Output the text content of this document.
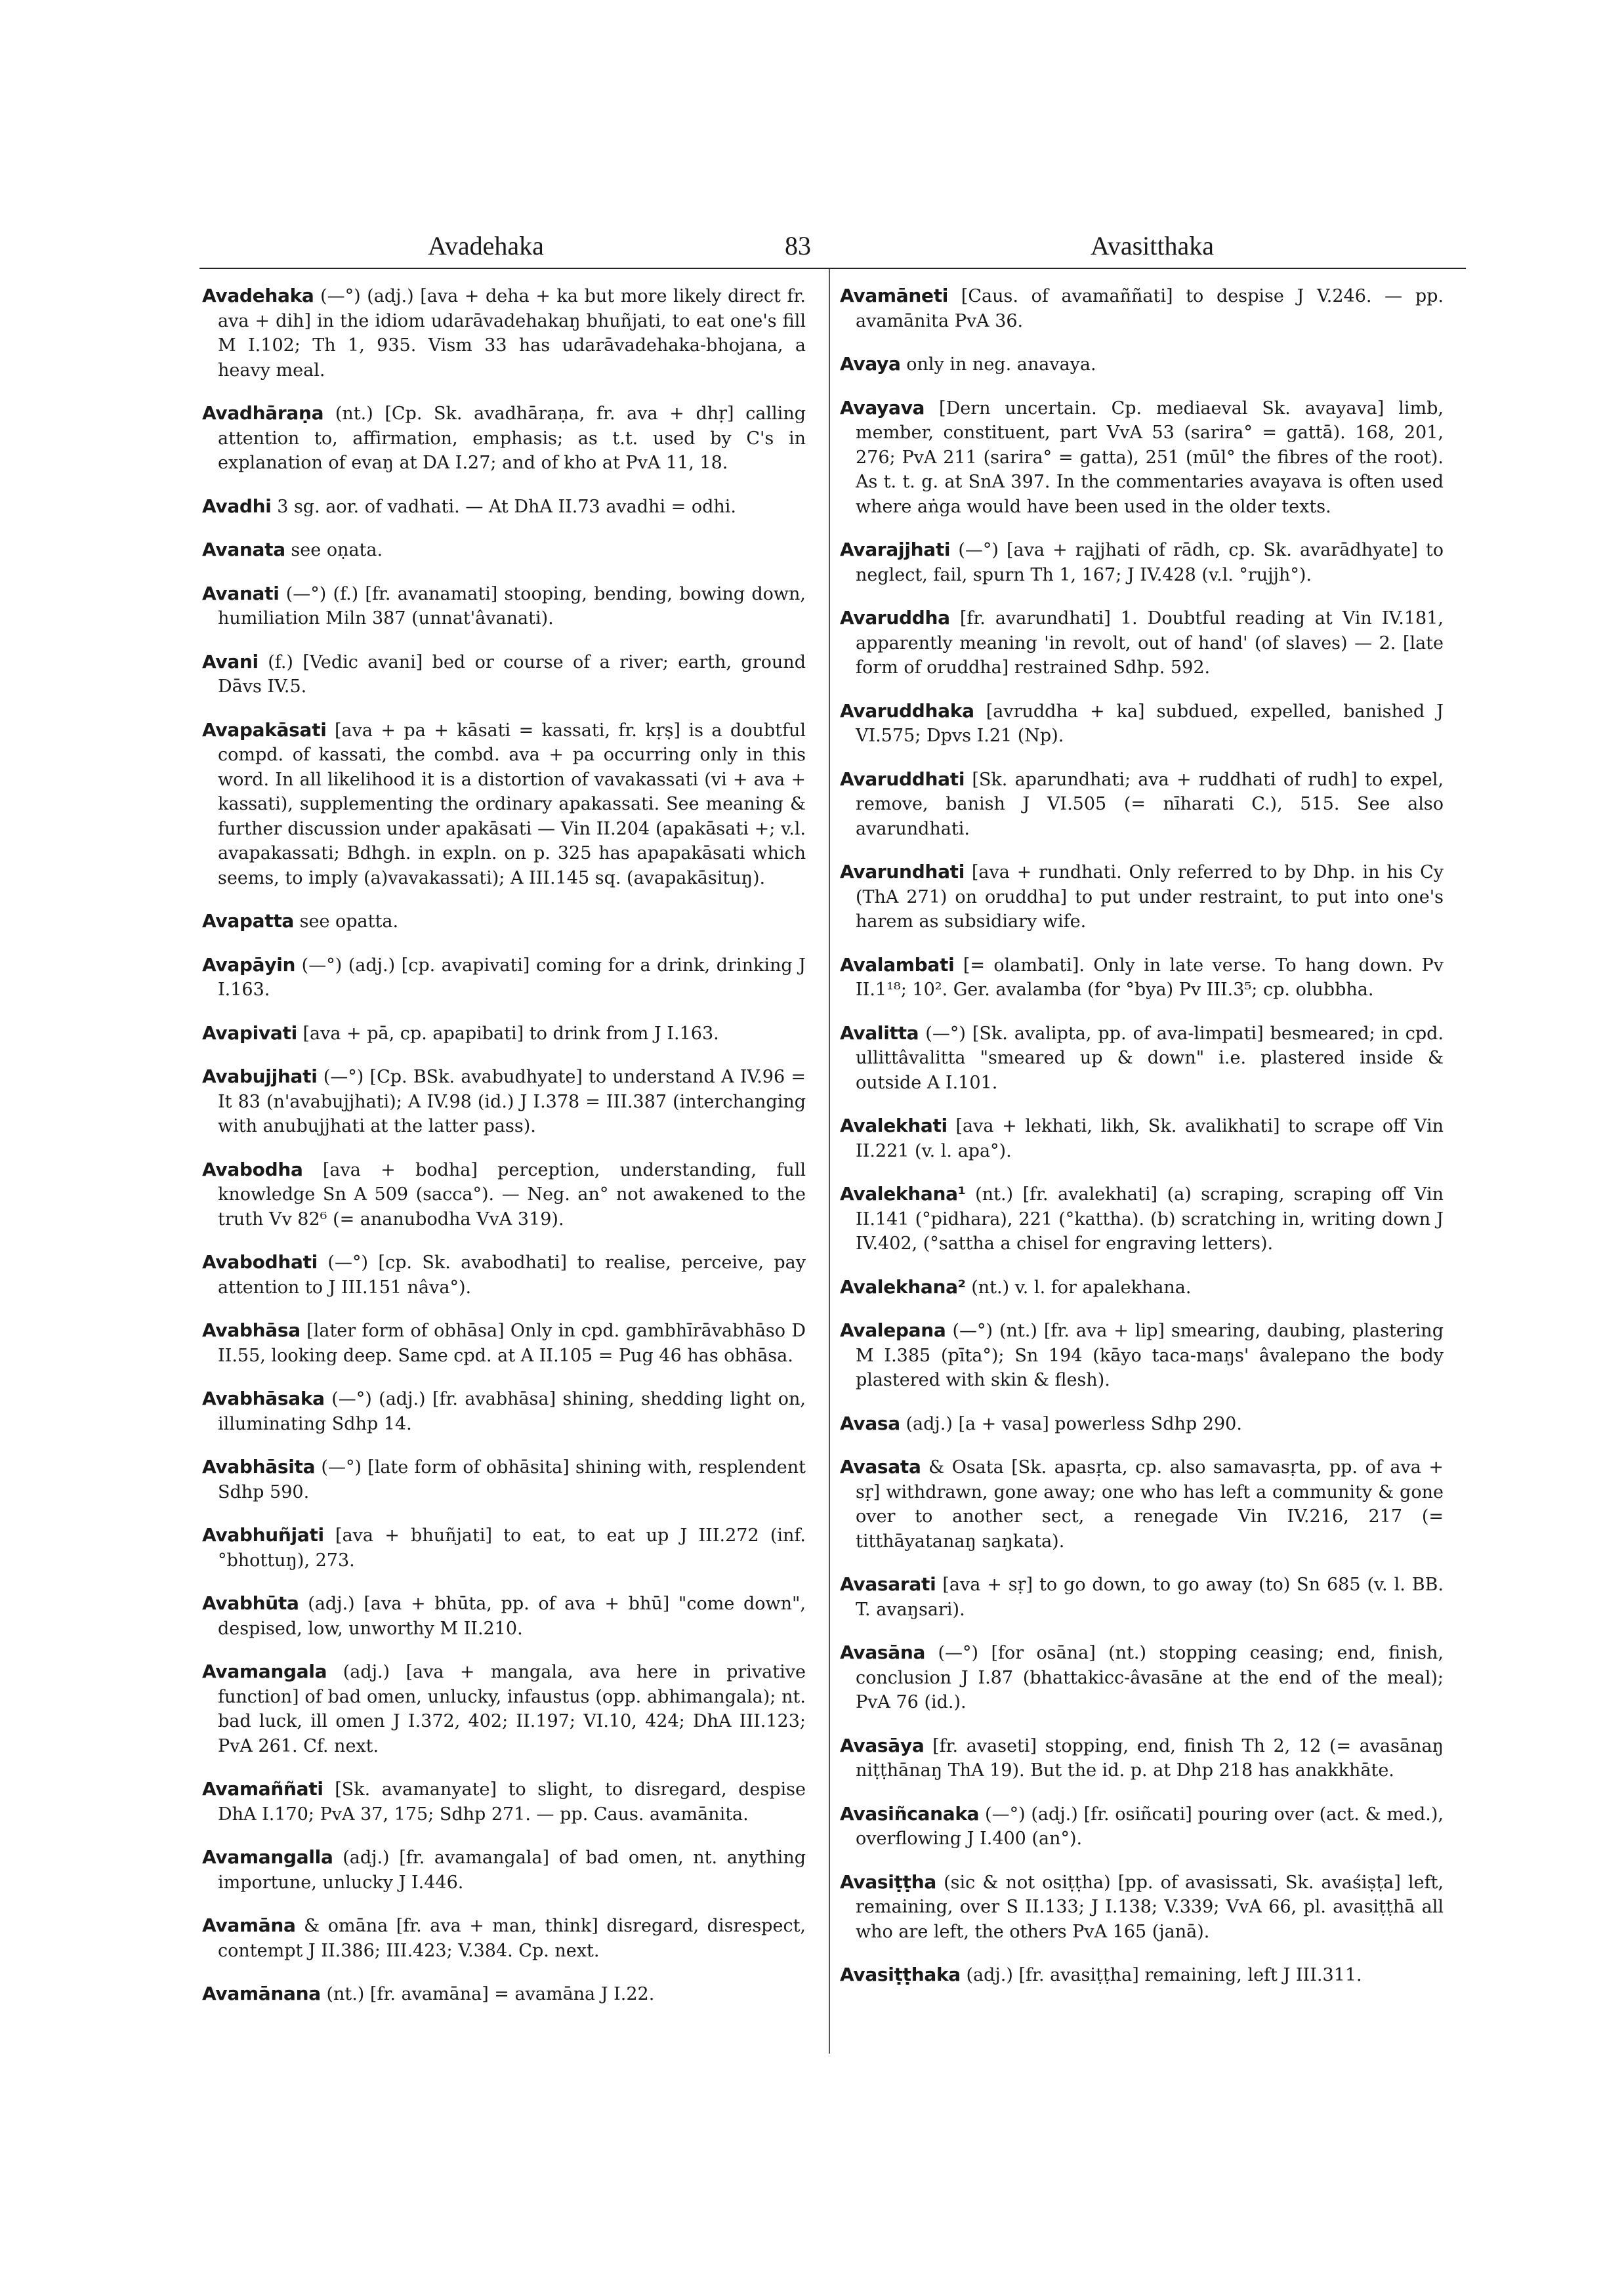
Avadehaka	83	Avasitthaka

Avadehaka (—°) (adj.) [ava + deha + ka but more likely direct fr. ava + dih] in the idiom udarāvadehakaŋ bhuñjati, to eat one's fill M I.102; Th 1, 935. Vism 33 has udarāvadehaka-bhojana, a heavy meal.

Avadhāraṇa (nt.) [Cp. Sk. avadhāraṇa, fr. ava + dhṛ] calling attention to, affirmation, emphasis; as t.t. used by C's in explanation of evaŋ at DA I.27; and of kho at PvA 11, 18.

Avadhi 3 sg. aor. of vadhati. — At DhA II.73 avadhi = odhi.

Avanata see oṇata.

Avanati (—°) (f.) [fr. avanamati] stooping, bending, bowing down, humiliation Miln 387 (unnat'âvanati).

Avani (f.) [Vedic avani] bed or course of a river; earth, ground Dāvs IV.5.

Avapakāsati [ava + pa + kāsati = kassati, fr. kṛṣ] is a doubtful compd. of kassati, the combd. ava + pa occurring only in this word. In all likelihood it is a distortion of vavakassati (vi + ava + kassati), supplementing the ordinary apakassati. See meaning & further discussion under apakāsati — Vin II.204 (apakāsati +; v.l. avapakassati; Bdhgh. in expln. on p. 325 has apapakāsati which seems, to imply (a)vavakassati); A III.145 sq. (avapakāsituŋ).

Avapatta see opatta.

Avapāyin (—°) (adj.) [cp. avapivati] coming for a drink, drinking J I.163.

Avapivati [ava + pā, cp. apapibati] to drink from J I.163.

Avabujjhati (—°) [Cp. BSk. avabudhyate] to understand A IV.96 = It 83 (n'avabujjhati); A IV.98 (id.) J I.378 = III.387 (interchanging with anubujjhati at the latter pass).

Avabodha [ava + bodha] perception, understanding, full knowledge Sn A 509 (sacca°). — Neg. an° not awakened to the truth Vv 82⁶ (= ananubodha VvA 319).

Avabodhati (—°) [cp. Sk. avabodhati] to realise, perceive, pay attention to J III.151 nâva°).

Avabhāsa [later form of obhāsa] Only in cpd. gambhīrāvabhāso D II.55, looking deep. Same cpd. at A II.105 = Pug 46 has obhāsa.

Avabhāsaka (—°) (adj.) [fr. avabhāsa] shining, shedding light on, illuminating Sdhp 14.

Avabhāsita (—°) [late form of obhāsita] shining with, resplendent Sdhp 590.

Avabhuñjati [ava + bhuñjati] to eat, to eat up J III.272 (inf. °bhottuŋ), 273.

Avabhūta (adj.) [ava + bhūta, pp. of ava + bhū] "come down", despised, low, unworthy M II.210.

Avamangala (adj.) [ava + mangala, ava here in privative function] of bad omen, unlucky, infaustus (opp. abhimangala); nt. bad luck, ill omen J I.372, 402; II.197; VI.10, 424; DhA III.123; PvA 261. Cf. next.

Avamaññati [Sk. avamanyate] to slight, to disregard, despise DhA I.170; PvA 37, 175; Sdhp 271. — pp. Caus. avamānita.

Avamangalla (adj.) [fr. avamangala] of bad omen, nt. anything importune, unlucky J I.446.

Avamāna & omāna [fr. ava + man, think] disregard, disrespect, contempt J II.386; III.423; V.384. Cp. next.

Avamānana (nt.) [fr. avamāna] = avamāna J I.22.

Avamāneti [Caus. of avamaññati] to despise J V.246. — pp. avamānita PvA 36.

Avaya only in neg. anavaya.

Avayava [Dern uncertain. Cp. mediaeval Sk. avayava] limb, member, constituent, part VvA 53 (sarira° = gattā). 168, 201, 276; PvA 211 (sarira° = gatta), 251 (mūl° the fibres of the root). As t. t. g. at SnA 397. In the commentaries avayava is often used where aṅga would have been used in the older texts.

Avarajjhati (—°) [ava + rajjhati of rādh, cp. Sk. avarādhyate] to neglect, fail, spurn Th 1, 167; J IV.428 (v.l. °rujjh°).

Avaruddha [fr. avarundhati] 1. Doubtful reading at Vin IV.181, apparently meaning 'in revolt, out of hand' (of slaves) — 2. [late form of oruddha] restrained Sdhp. 592.

Avaruddhaka [avruddha + ka] subdued, expelled, banished J VI.575; Dpvs I.21 (Np).

Avaruddhati [Sk. aparundhati; ava + ruddhati of rudh] to expel, remove, banish J VI.505 (= nīharati C.), 515. See also avarundhati.

Avarundhati [ava + rundhati. Only referred to by Dhp. in his Cy (ThA 271) on oruddha] to put under restraint, to put into one's harem as subsidiary wife.

Avalambati [= olambati]. Only in late verse. To hang down. Pv II.1¹⁸; 10². Ger. avalamba (for °bya) Pv III.3⁵; cp. olubbha.

Avalitta (—°) [Sk. avalipta, pp. of ava-limpati] besmeared; in cpd. ullittâvalitta "smeared up & down" i.e. plastered inside & outside A I.101.

Avalekhati [ava + lekhati, likh, Sk. avalikhati] to scrape off Vin II.221 (v. l. apa°).

Avalekhana¹ (nt.) [fr. avalekhati] (a) scraping, scraping off Vin II.141 (°pidhara), 221 (°kattha). (b) scratching in, writing down J IV.402, (°sattha a chisel for engraving letters).

Avalekhana² (nt.) v. l. for apalekhana.

Avalepana (—°) (nt.) [fr. ava + lip] smearing, daubing, plastering M I.385 (pīta°); Sn 194 (kāyo taca-maŋs' âvalepano the body plastered with skin & flesh).

Avasa (adj.) [a + vasa] powerless Sdhp 290.

Avasata & Osata [Sk. apasṛta, cp. also samavasṛta, pp. of ava + sṛ] withdrawn, gone away; one who has left a community & gone over to another sect, a renegade Vin IV.216, 217 (= titthāyatanaŋ saŋkata).

Avasarati [ava + sṛ] to go down, to go away (to) Sn 685 (v. l. BB. T. avaŋsari).

Avasāna (—°) [for osāna] (nt.) stopping ceasing; end, finish, conclusion J I.87 (bhattakicc-âvasāne at the end of the meal); PvA 76 (id.).

Avasāya [fr. avaseti] stopping, end, finish Th 2, 12 (= avasānaŋ niṭṭhānaŋ ThA 19). But the id. p. at Dhp 218 has anakkhāte.

Avasiñcanaka (—°) (adj.) [fr. osiñcati] pouring over (act. & med.), overflowing J I.400 (an°).

Avasiṭṭha (sic & not osiṭṭha) [pp. of avasissati, Sk. avaśiṣṭa] left, remaining, over S II.133; J I.138; V.339; VvA 66, pl. avasiṭṭhā all who are left, the others PvA 165 (janā).

Avasiṭṭhaka (adj.) [fr. avasiṭṭha] remaining, left J III.311.
